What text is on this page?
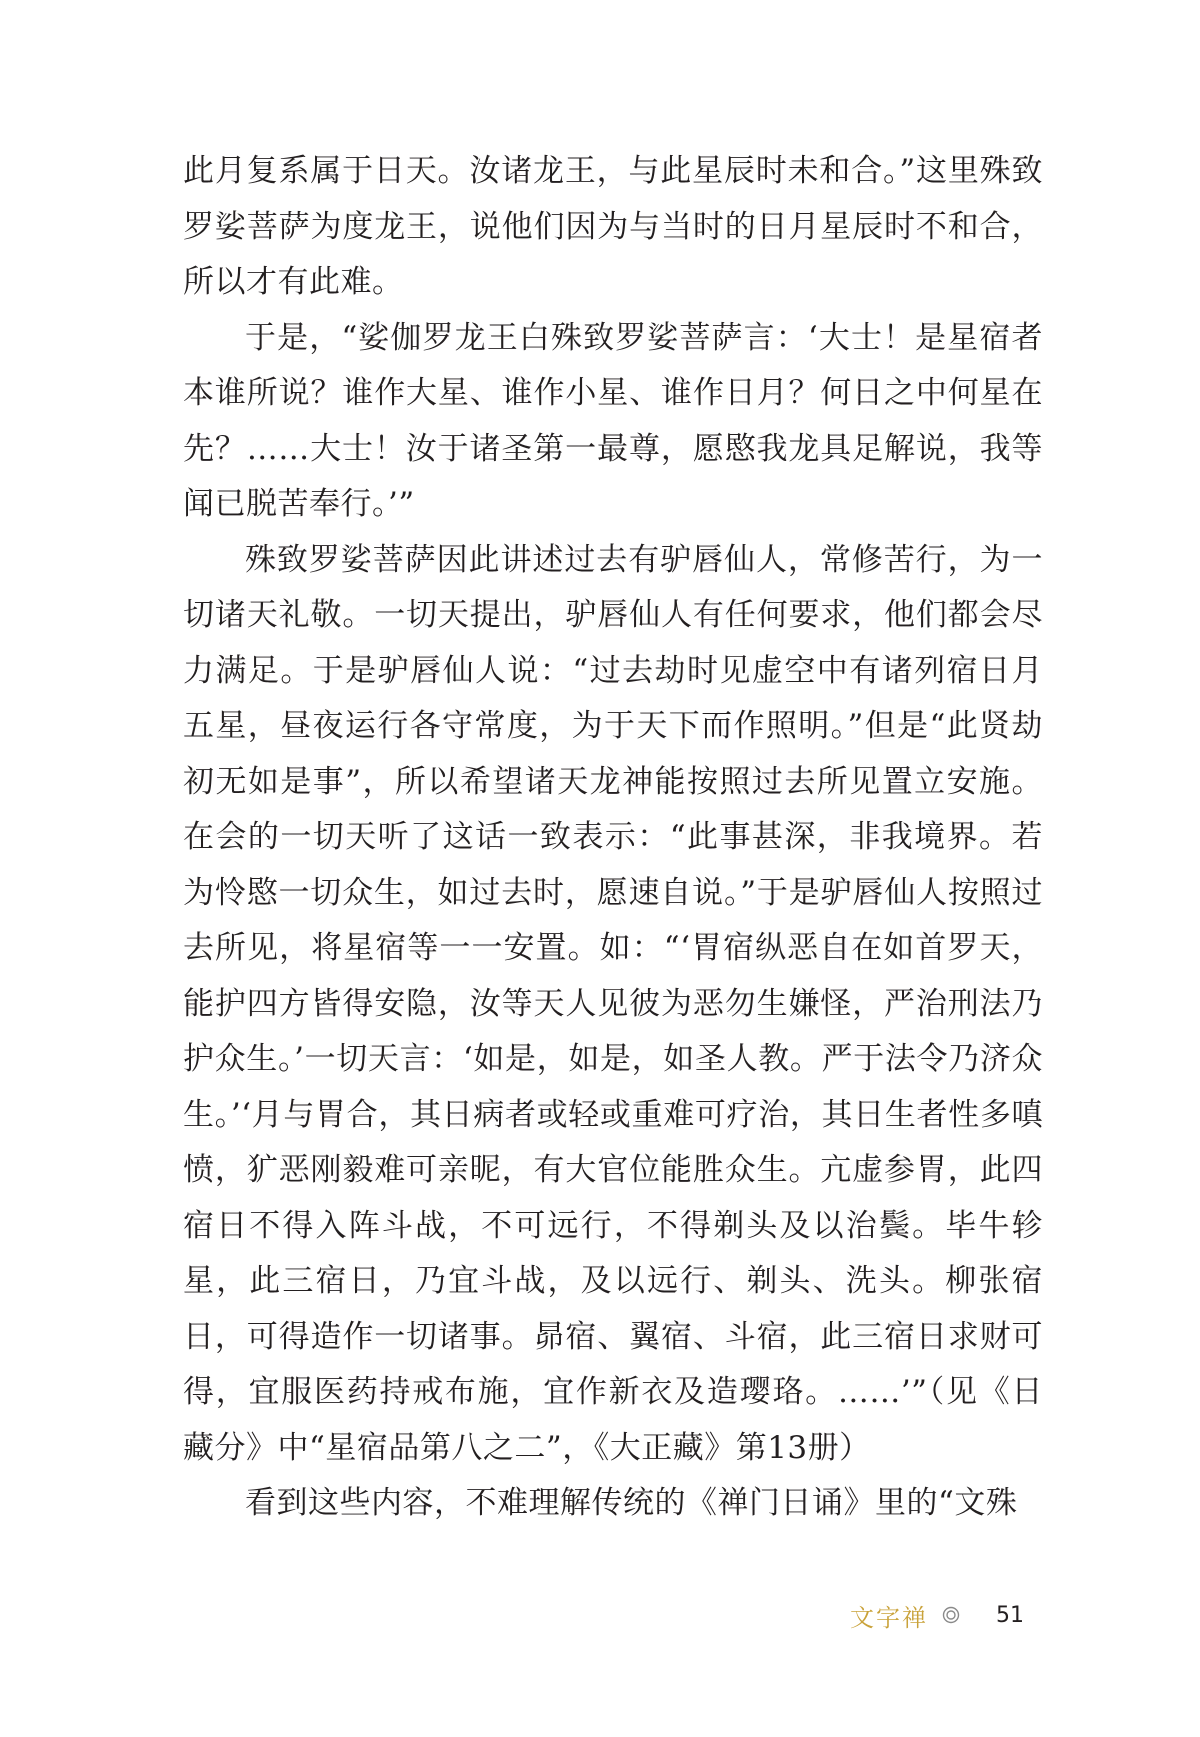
此月复系属于日天。汝诸龙王，与此星辰时未和合。”这里殊致罗娑菩萨为度龙王，说他们因为与当时的日月星辰时不和合，所以才有此难。

于是，“娑伽罗龙王白殊致罗娑菩萨言：‘大士！是星宿者本谁所说？谁作大星、谁作小星、谁作日月？何日之中何星在先？……大士！汝于诸圣第一最尊，愿愍我龙具足解说，我等闻已脱苦奉行。’”

殊致罗娑菩萨因此讲述过去有驴唇仙人，常修苦行，为一切诸天礼敬。一切天提出，驴唇仙人有任何要求，他们都会尽力满足。于是驴唇仙人说：“过去劫时见虚空中有诸列宿日月五星，昼夜运行各守常度，为于天下而作照明。”但是“此贤劫初无如是事”，所以希望诸天龙神能按照过去所见置立安施。在会的一切天听了这话一致表示：“此事甚深，非我境界。若为怜愍一切众生，如过去时，愿速自说。”于是驴唇仙人按照过去所见，将星宿等一一安置。如：“‘胃宿纵恶自在如首罗天，能护四方皆得安隐，汝等天人见彼为恶勿生嫌怪，严治刑法乃护众生。’一切天言：‘如是，如是，如圣人教。严于法令乃济众生。’‘月与胃合，其日病者或轻或重难可疗治，其日生者性多嗔愤，犷恶刚毅难可亲昵，有大官位能胜众生。亢虚参胃，此四宿日不得入阵斗战，不可远行，不得剃头及以治鬓。毕牛轸星，此三宿日，乃宜斗战，及以远行、剃头、洗头。柳张宿日，可得造作一切诸事。昴宿、翼宿、斗宿，此三宿日求财可得，宜服医药持戒布施，宜作新衣及造璎珞。……’”（见《日藏分》中“星宿品第八之二”，《大正藏》第13册）

看到这些内容，不难理解传统的《禅门日诵》里的“文殊

文字禅	51
